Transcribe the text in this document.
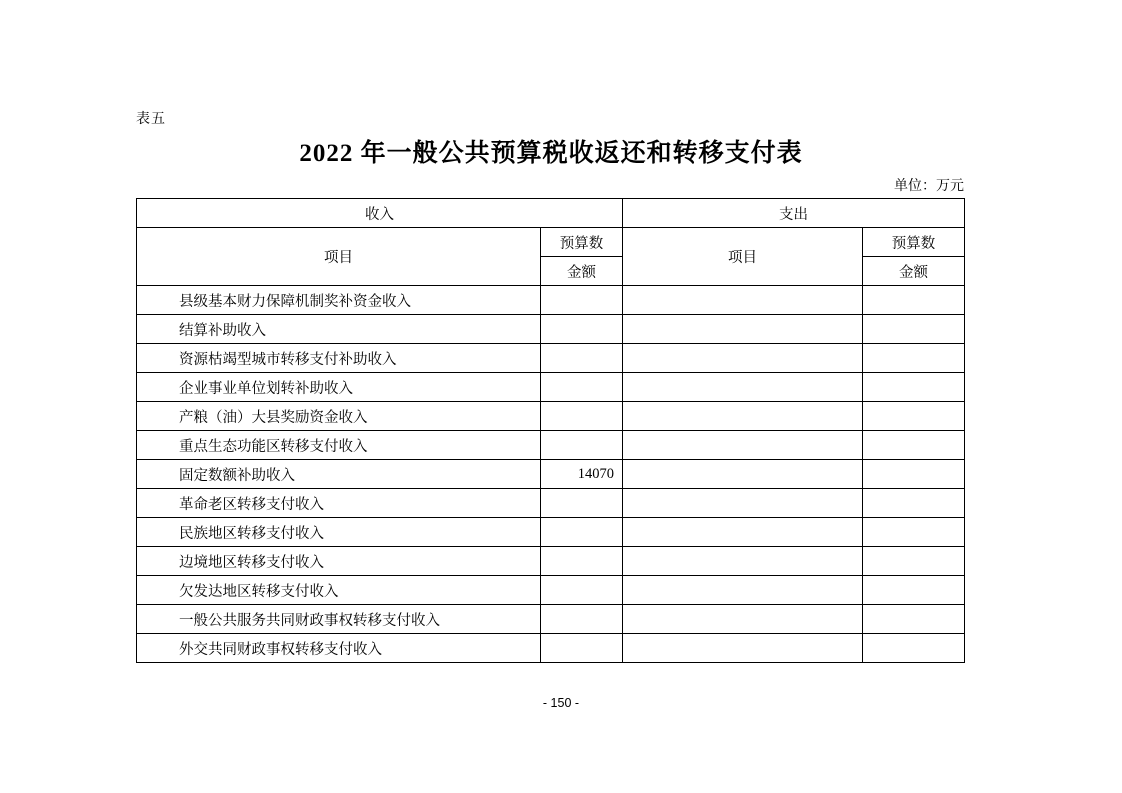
表五
2022 年一般公共预算税收返还和转移支付表
单位：万元
收入		支出	
项目	预算数	项目	预算数
	金额		金额
县级基本财力保障机制奖补资金收入			
结算补助收入			
资源枯竭型城市转移支付补助收入			
企业事业单位划转补助收入			
产粮（油）大县奖励资金收入			
重点生态功能区转移支付收入			
固定数额补助收入	14070		
革命老区转移支付收入			
民族地区转移支付收入			
边境地区转移支付收入			
欠发达地区转移支付收入			
一般公共服务共同财政事权转移支付收入			
外交共同财政事权转移支付收入			
- 150 -
